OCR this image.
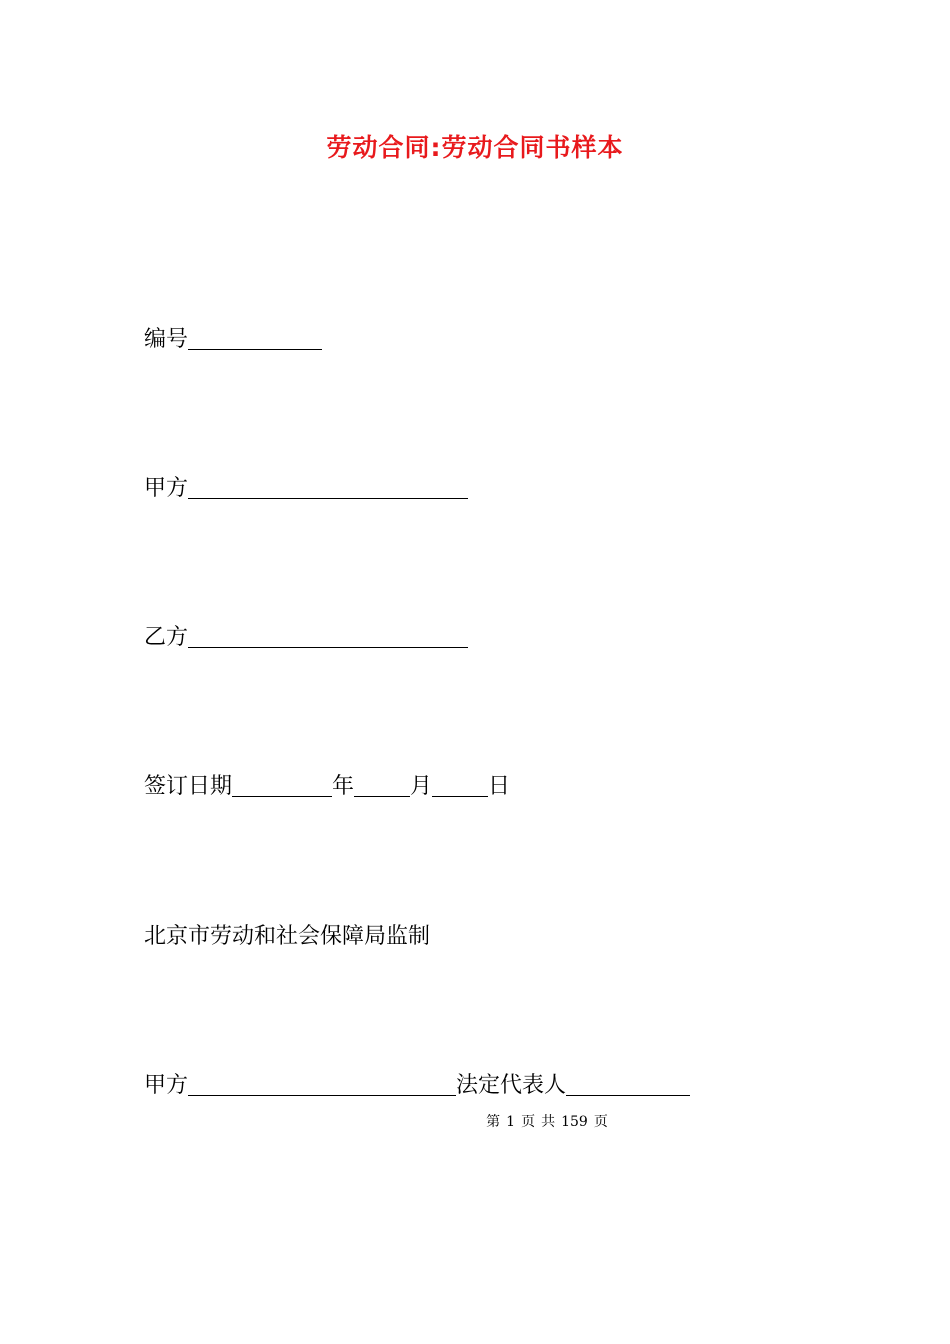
劳动合同:劳动合同书样本
编号
甲方
乙方
签订日期	年	月	日
北京市劳动和社会保障局监制
甲方	法定代表人
第 1 页 共 159 页
